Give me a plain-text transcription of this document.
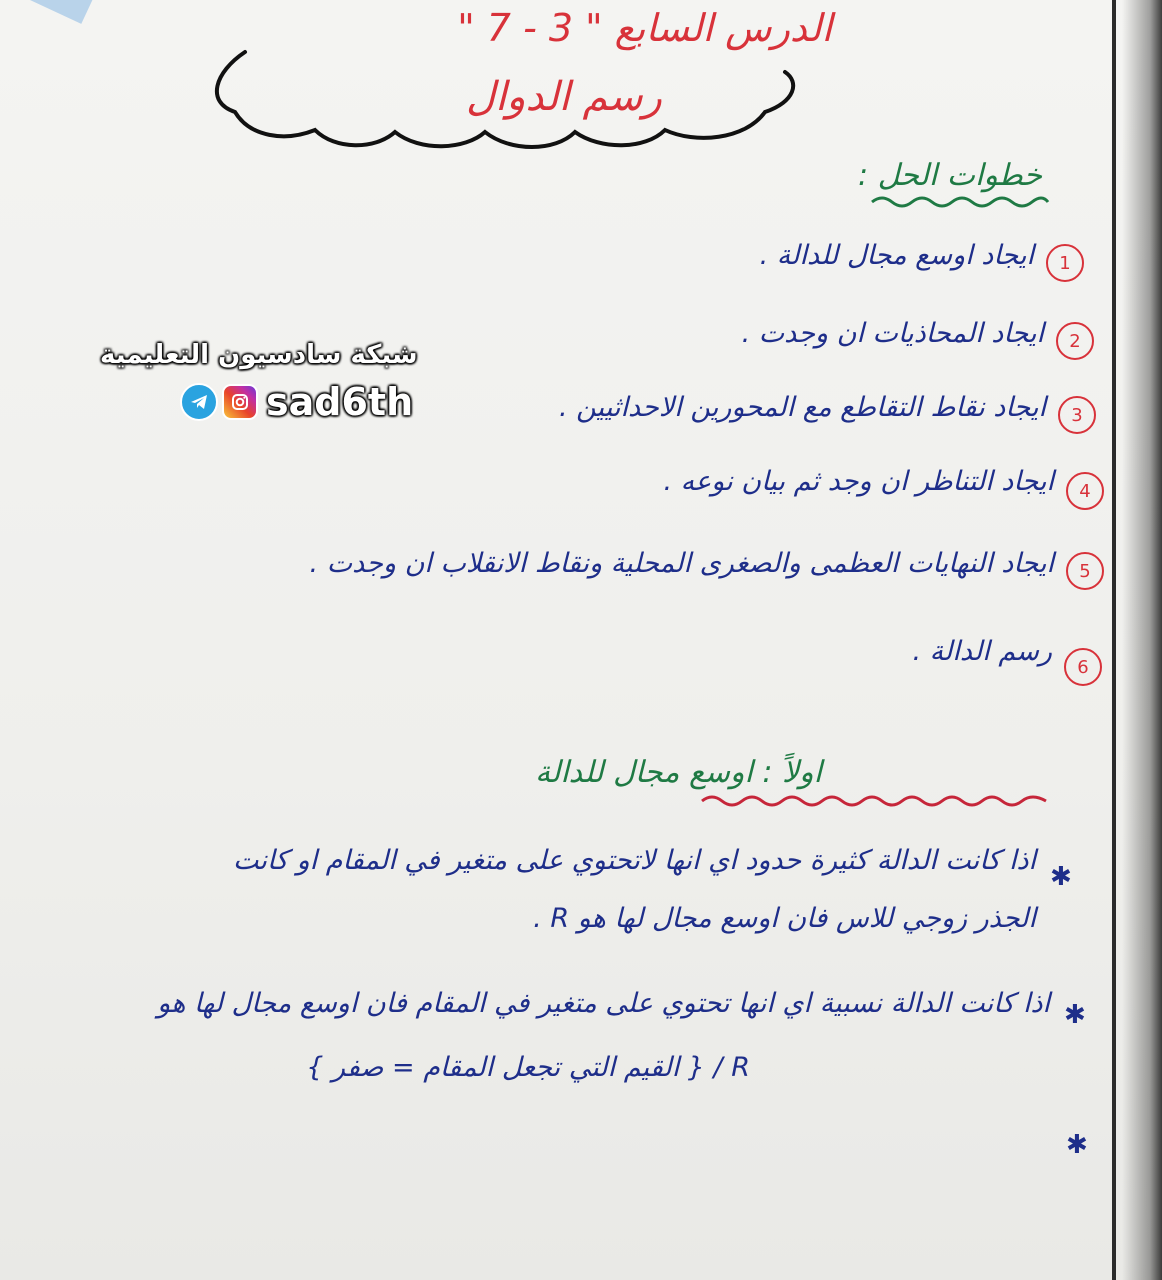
الدرس السابع " 3 - 7 "
رسم الدوال
خطوات الحل :
1
ايجاد اوسع مجال للدالة .
2
ايجاد المحاذيات ان وجدت .
3
ايجاد نقاط التقاطع مع المحورين الاحداثيين .
4
ايجاد التناظر ان وجد ثم بيان نوعه .
5
ايجاد النهايات العظمى والصغرى المحلية ونقاط الانقلاب ان وجدت .
6
رسم الدالة .
اولاً : اوسع مجال للدالة
✱
اذا كانت الدالة كثيرة حدود اي انها لاتحتوي على متغير في المقام او كانت
الجذر زوجي للاس فان اوسع مجال لها هو R .
✱
اذا كانت الدالة نسبية اي انها تحتوي على متغير في المقام فان اوسع مجال لها هو
R / { القيم التي تجعل المقام = صفر }
✱
شبكة سادسيون التعليمية
sad6th
